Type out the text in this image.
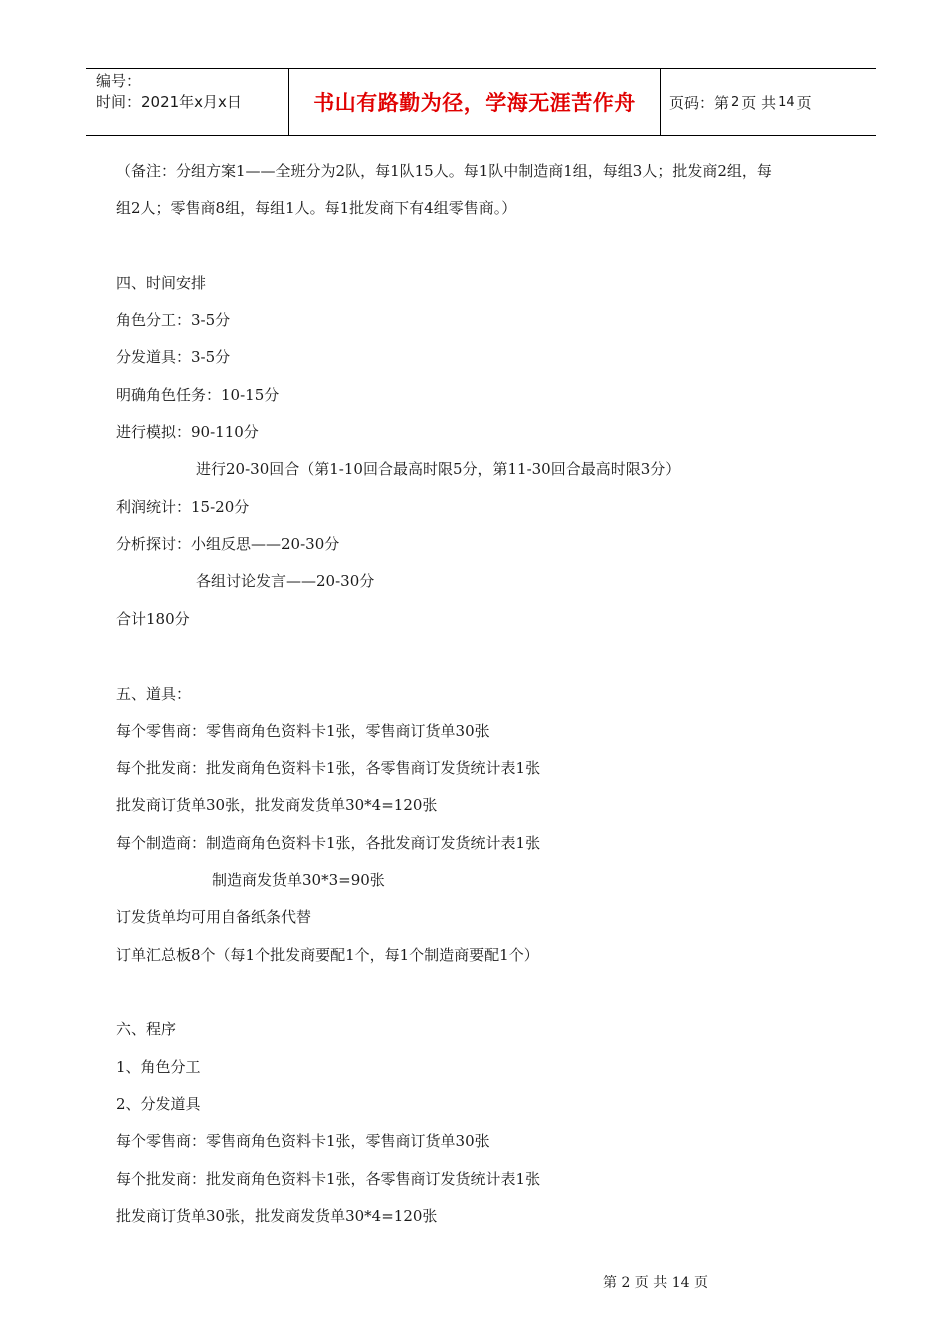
编号：
时间：2021年x月x日	书山有路勤为径，学海无涯苦作舟 页码：第 2 页 共 14 页
（备注：分组方案1——全班分为2队，每1队15人。每1队中制造商1组，每组3人；批发商2组，每
组2人；零售商8组，每组1人。每1批发商下有4组零售商。）
四、时间安排
角色分工：3-5分
分发道具：3-5分
明确角色任务：10-15分
进行模拟：90-110分
进行20-30回合（第1-10回合最高时限5分，第11-30回合最高时限3分）
利润统计：15-20分
分析探讨：小组反思——20-30分
各组讨论发言——20-30分
合计180分
五、道具：
每个零售商：零售商角色资料卡1张，零售商订货单30张
每个批发商：批发商角色资料卡1张，各零售商订发货统计表1张
批发商订货单30张，批发商发货单30*4=120张
每个制造商：制造商角色资料卡1张，各批发商订发货统计表1张
制造商发货单30*3=90张
订发货单均可用自备纸条代替
订单汇总板8个（每1个批发商要配1个，每1个制造商要配1个）
六、程序
1、角色分工
2、分发道具
每个零售商：零售商角色资料卡1张，零售商订货单30张
每个批发商：批发商角色资料卡1张，各零售商订发货统计表1张
批发商订货单30张，批发商发货单30*4=120张
第 2 页 共 14 页
